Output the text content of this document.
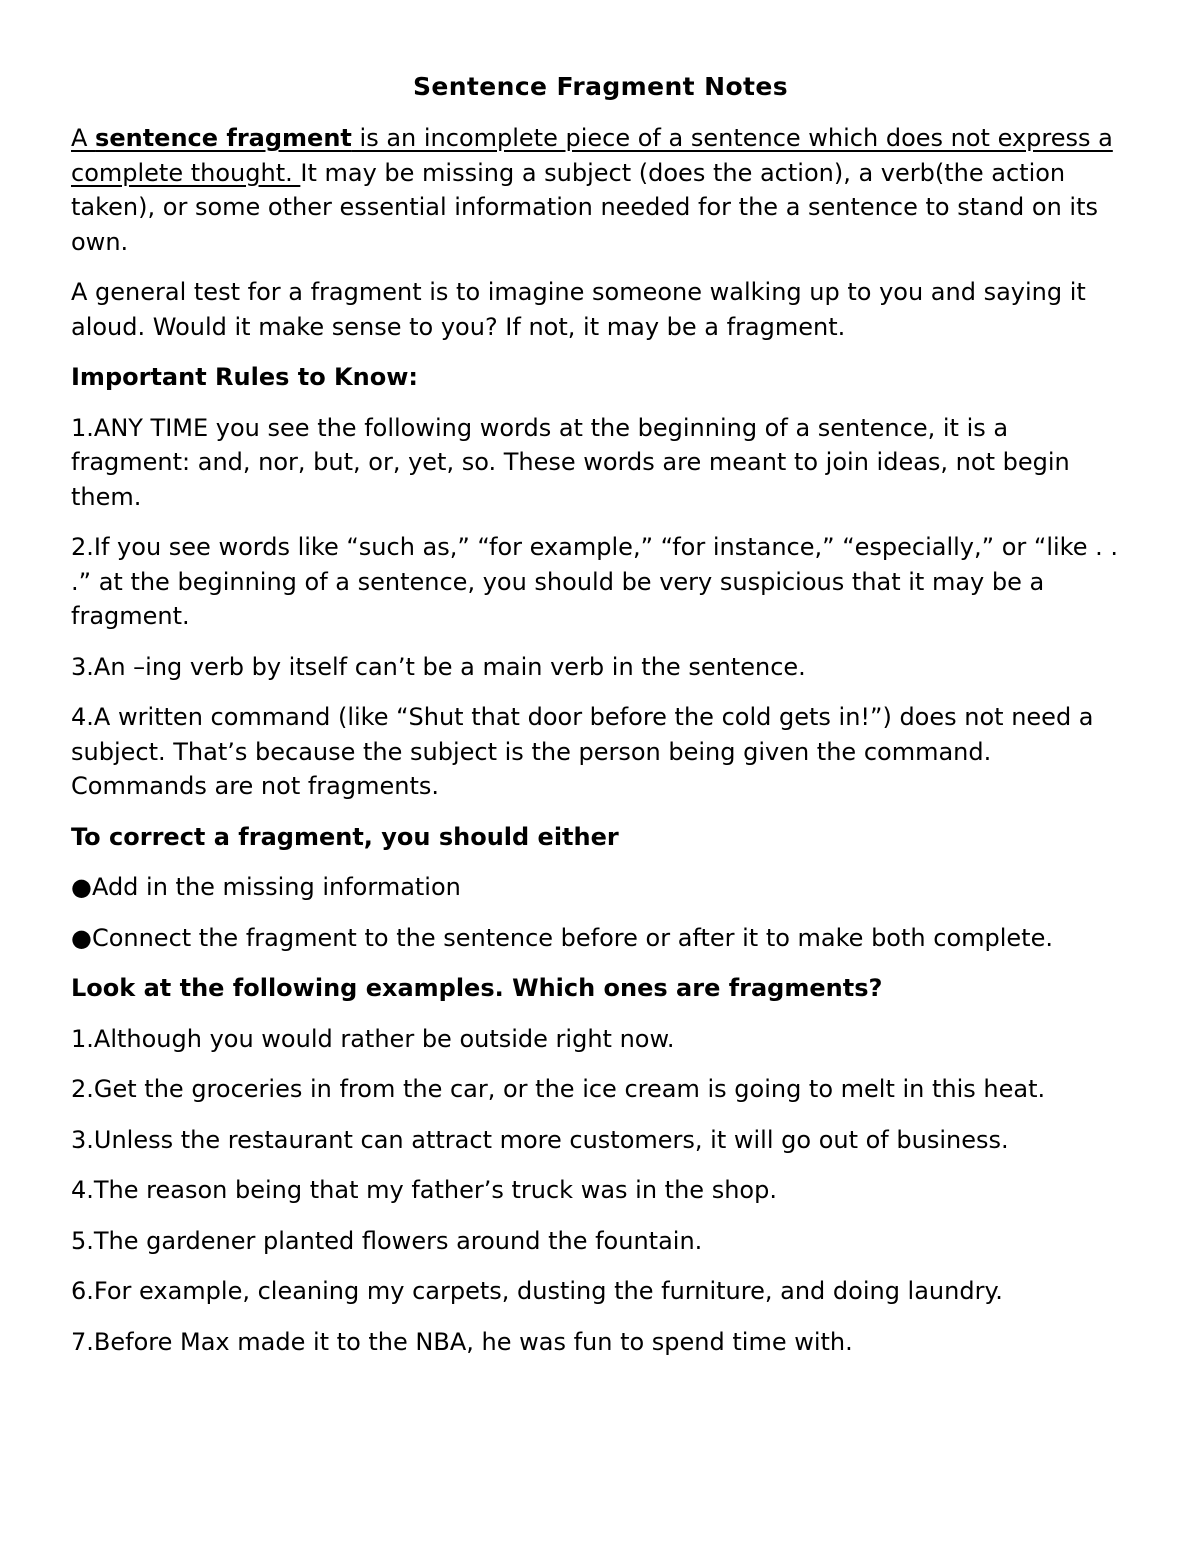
Sentence Fragment Notes

A sentence fragment is an incomplete piece of a sentence which does not express a complete thought. It may be missing a subject (does the action), a verb(the action taken), or some other essential information needed for the a sentence to stand on its own.

A general test for a fragment is to imagine someone walking up to you and saying it aloud. Would it make sense to you? If not, it may be a fragment.

Important Rules to Know:

1.ANY TIME you see the following words at the beginning of a sentence, it is a fragment: and, nor, but, or, yet, so. These words are meant to join ideas, not begin them.

2.If you see words like “such as,” “for example,” “for instance,” “especially,” or “like . . .” at the beginning of a sentence, you should be very suspicious that it may be a fragment.

3.An –ing verb by itself can’t be a main verb in the sentence.

4.A written command (like “Shut that door before the cold gets in!”) does not need a subject. That’s because the subject is the person being given the command. Commands are not fragments.

To correct a fragment, you should either

●Add in the missing information

●Connect the fragment to the sentence before or after it to make both complete.

Look at the following examples. Which ones are fragments?

1.Although you would rather be outside right now.

2.Get the groceries in from the car, or the ice cream is going to melt in this heat.

3.Unless the restaurant can attract more customers, it will go out of business.

4.The reason being that my father’s truck was in the shop.

5.The gardener planted flowers around the fountain.

6.For example, cleaning my carpets, dusting the furniture, and doing laundry.

7.Before Max made it to the NBA, he was fun to spend time with.
